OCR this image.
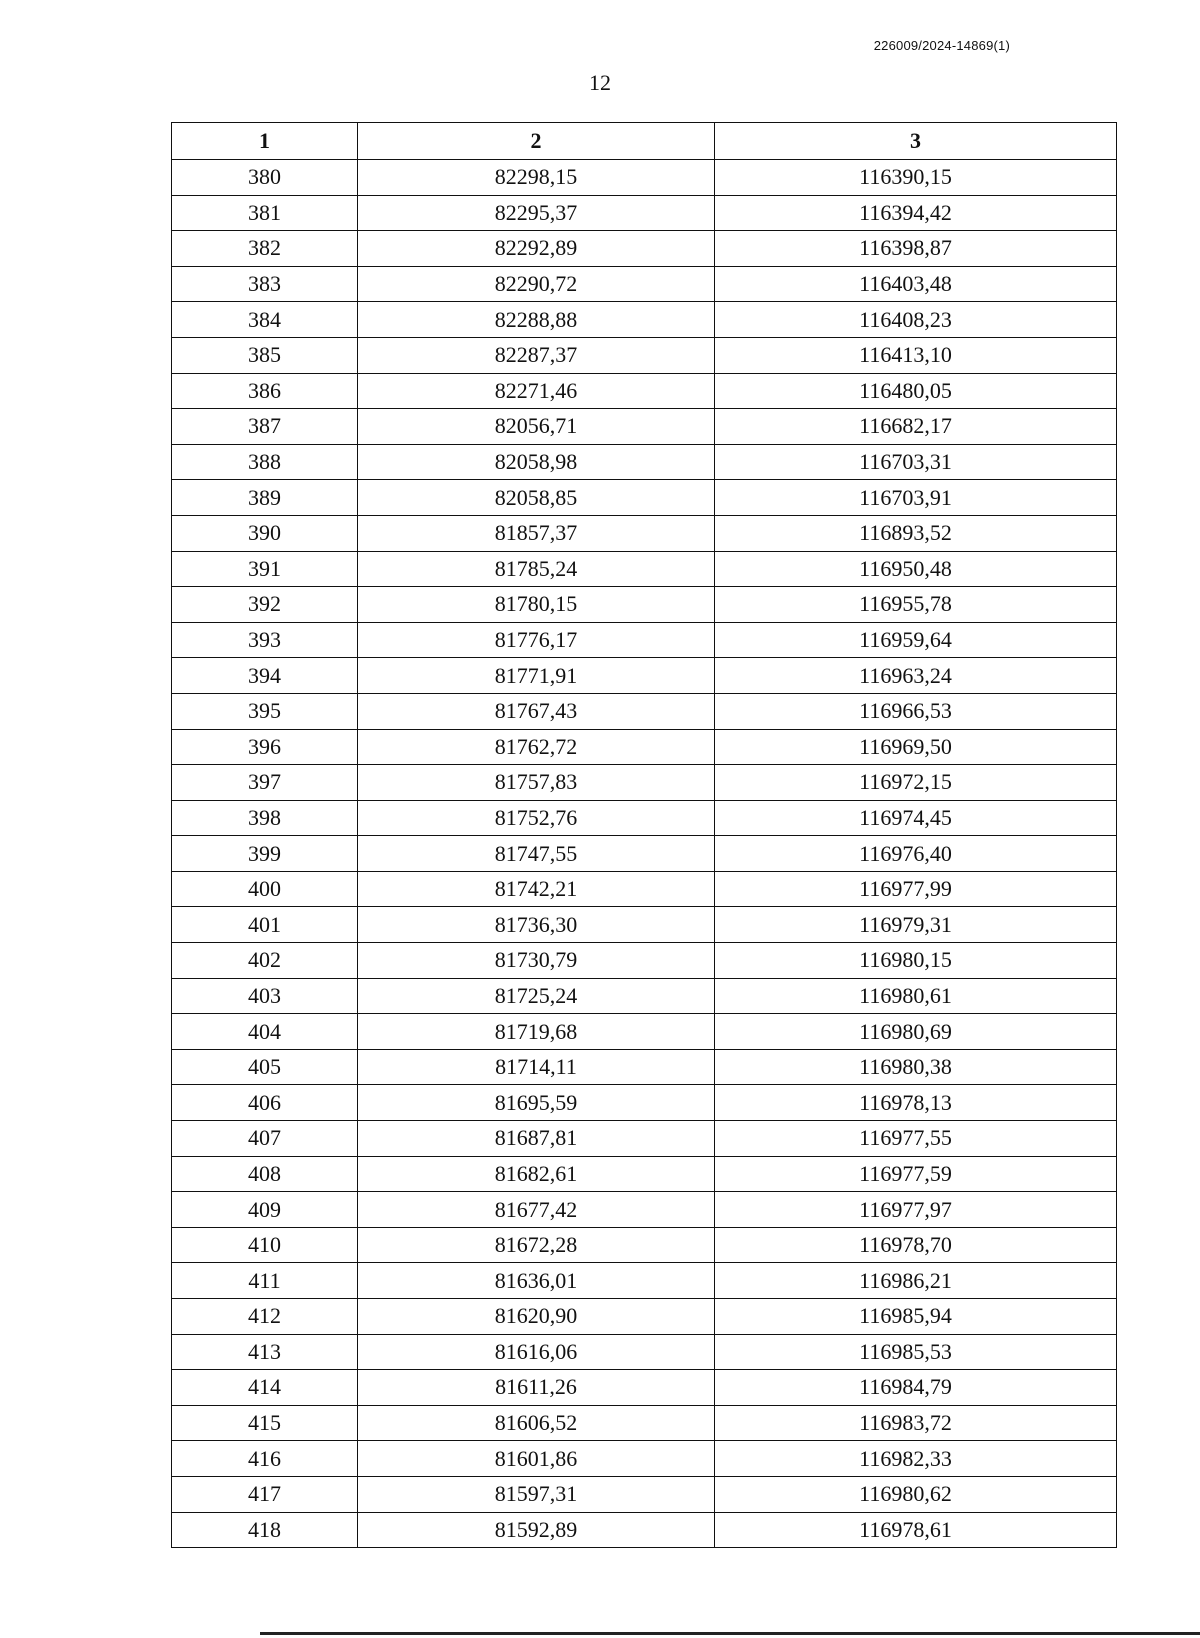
226009/2024-14869(1)
12
1	2	3
380	82298,15	116390,15
381	82295,37	116394,42
382	82292,89	116398,87
383	82290,72	116403,48
384	82288,88	116408,23
385	82287,37	116413,10
386	82271,46	116480,05
387	82056,71	116682,17
388	82058,98	116703,31
389	82058,85	116703,91
390	81857,37	116893,52
391	81785,24	116950,48
392	81780,15	116955,78
393	81776,17	116959,64
394	81771,91	116963,24
395	81767,43	116966,53
396	81762,72	116969,50
397	81757,83	116972,15
398	81752,76	116974,45
399	81747,55	116976,40
400	81742,21	116977,99
401	81736,30	116979,31
402	81730,79	116980,15
403	81725,24	116980,61
404	81719,68	116980,69
405	81714,11	116980,38
406	81695,59	116978,13
407	81687,81	116977,55
408	81682,61	116977,59
409	81677,42	116977,97
410	81672,28	116978,70
411	81636,01	116986,21
412	81620,90	116985,94
413	81616,06	116985,53
414	81611,26	116984,79
415	81606,52	116983,72
416	81601,86	116982,33
417	81597,31	116980,62
418	81592,89	116978,61
